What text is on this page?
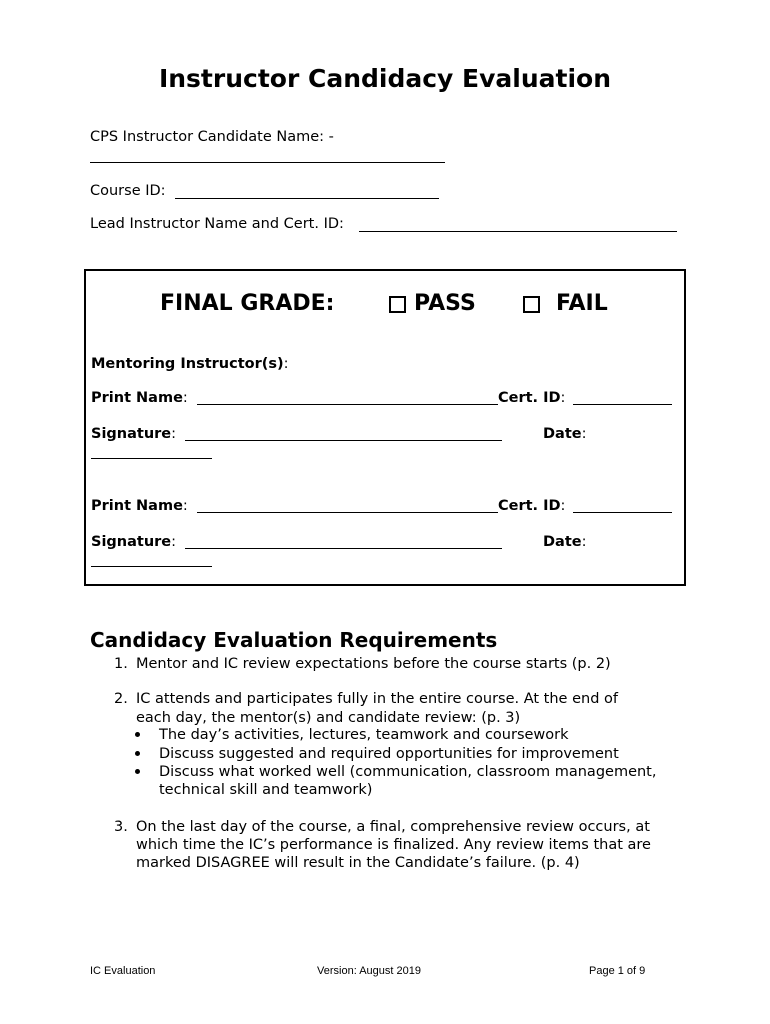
Instructor Candidacy Evaluation
CPS Instructor Candidate Name: -
Course ID:
Lead Instructor Name and Cert. ID:
FINAL GRADE:	PASS	FAIL
Mentoring Instructor(s):
Print Name:	Cert. ID:
Signature:	Date:
Print Name:	Cert. ID:
Signature:	Date:
Candidacy Evaluation Requirements
1. Mentor and IC review expectations before the course starts (p. 2)
2. IC attends and participates fully in the entire course. At the end of
each day, the mentor(s) and candidate review: (p. 3)
The day’s activities, lectures, teamwork and coursework
Discuss suggested and required opportunities for improvement
Discuss what worked well (communication, classroom management,
technical skill and teamwork)
3. On the last day of the course, a final, comprehensive review occurs, at
which time the IC’s performance is finalized. Any review items that are
marked DISAGREE will result in the Candidate’s failure. (p. 4)
IC Evaluation	Version: August 2019	Page 1 of 9
